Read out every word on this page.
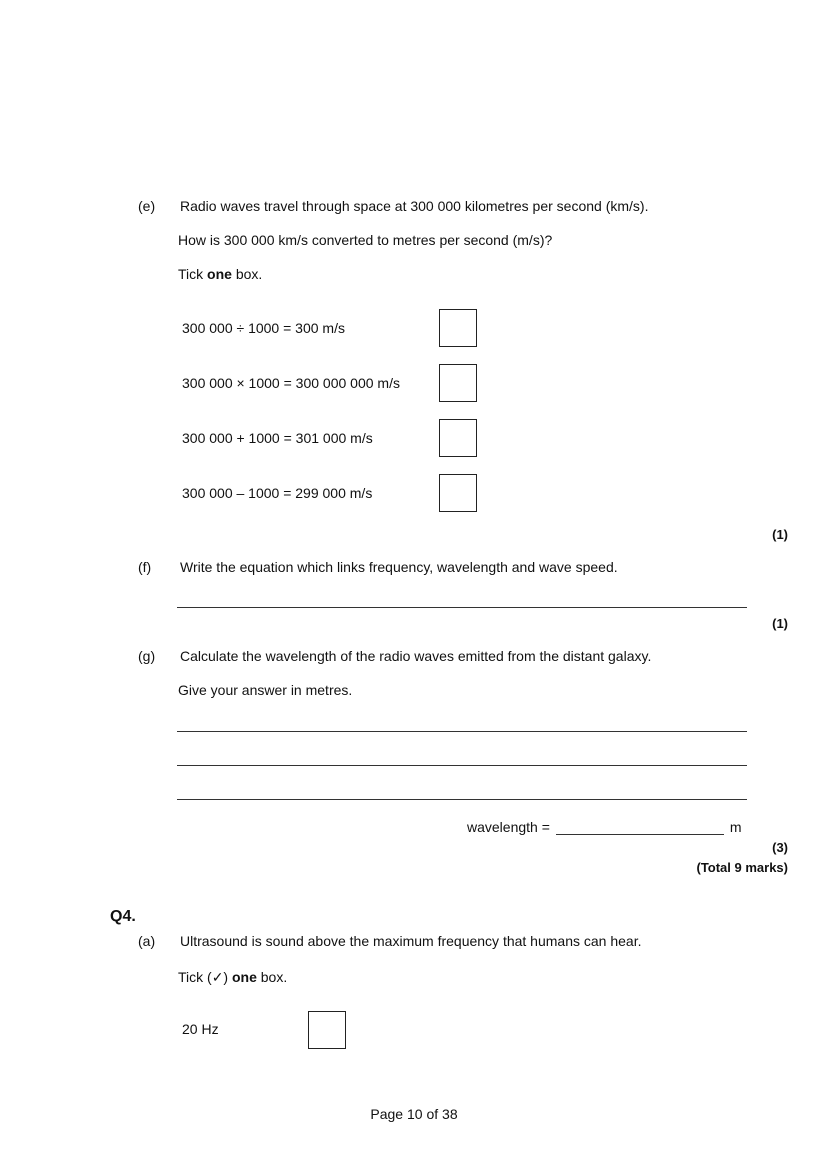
(e) Radio waves travel through space at 300 000 kilometres per second (km/s).
How is 300 000 km/s converted to metres per second (m/s)?
Tick one box.
300 000 ÷ 1000 = 300 m/s
300 000 × 1000 = 300 000 000 m/s
300 000 + 1000 = 301 000 m/s
300 000 – 1000 = 299 000 m/s
(1)
(f) Write the equation which links frequency, wavelength and wave speed.
(1)
(g) Calculate the wavelength of the radio waves emitted from the distant galaxy.
Give your answer in metres.
wavelength =	m
(3)
(Total 9 marks)
Q4.
(a) Ultrasound is sound above the maximum frequency that humans can hear.
Tick (✓) one box.
20 Hz
Page 10 of 38
